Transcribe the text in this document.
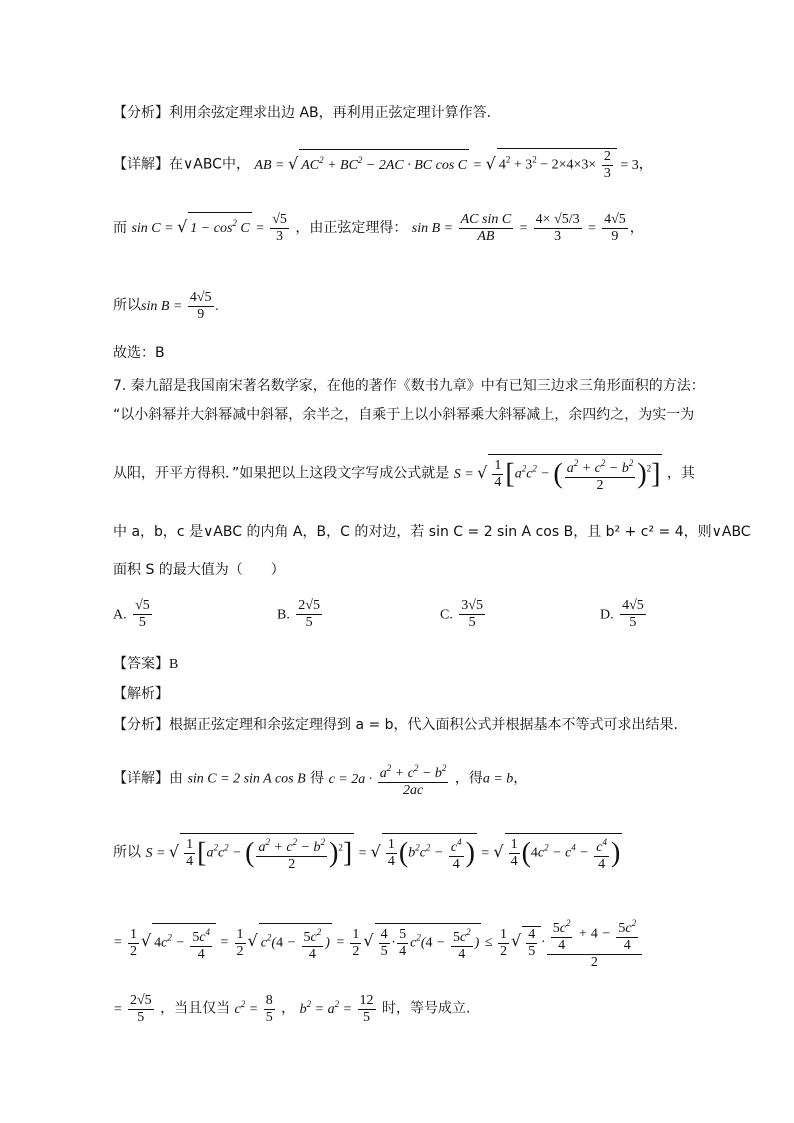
【分析】利用余弦定理求出边 AB，再利用正弦定理计算作答.
【详解】在∨ABC中， AB = √ $AC^2 + BC^2 - 2AC$ · BC cos C = √ $4^2 + 3^2 - 2\times 4\times 3\times \frac{2}{3} = 3$，
而 sin C = √ $1 - \cos^2 C = \frac{√5}{3}$ ，由正弦定理得： $\sin B = \frac{\text{AC sin C}}{AB} = \frac{4\times √5/3}{3} = \frac{4√5}{9}$ ，
所以$\sin B = \frac{4√5}{9}$ .
故选：B
7. 秦九韶是我国南宋著名数学家，在他的著作《数书九章》中有已知三边求三角形面积的方法：
“以小斜幂并大斜幂减中斜幂，余半之，自乘于上以小斜幂乘大斜幂减上，余四约之，为实一为
从阳，开平方得积．”如果把以上这段文字写成公式就是 S = √ $\frac{1}{4} [a^2c^2$ − ( $\frac{a^2 + c^2 - b^2}{2} )^2$] ，其
中 a，b，c 是∨ABC 的内角 A，B，C 的对边，若 sin C = 2 sin A cos B，且 b² + c² = 4，则∨ABC
面积 S 的最大值为（　　）
A. $\frac{√5}{5}$	B. $\frac{2√5}{5}$	C. $\frac{3√5}{5}$	D. $\frac{4√5}{5}$
【答案】B
【解析】
【分析】根据正弦定理和余弦定理得到 a = b，代入面积公式并根据基本不等式可求出结果.
【详解】由 sin C = 2 sin A cos B 得 $c = 2a \cdot \frac{a^2 + c^2 - b^2}{2ac}$ ，得a = b，
所以 S = √ $\frac{1}{4} [a^2c^2$ − ( $\frac{a^2 + c^2 - b^2}{2} )^2$] = √ $\frac{1}{4} (b^2c^2 - \frac{c^4}{4}$ ) = √ $\frac{1}{4} (4c^2 - c^4 - \frac{c^4}{4}$ )
= $\frac{1}{2}$ √ $4c^2 - \frac{5c^4}{4} = \frac{1}{2}$ √ $c^2(4 - \frac{5c^2}{4}$ ) = $\frac{1}{2}$ √ $\frac{4}{5} \cdot \frac{5}{4} c^2(4 - \frac{5c^2}{4}$ ) ≤ $\frac{1}{2}$ √ $\frac{4}{5} \cdot \frac{\frac{5c^2}{4} + 4 - \frac{5c^2}{4}}{2}$
= $\frac{2√5}{5}$ ，当且仅当 $c^2 = \frac{8}{5}$ ， $b^2 = a^2 = \frac{12}{5}$ 时，等号成立.
